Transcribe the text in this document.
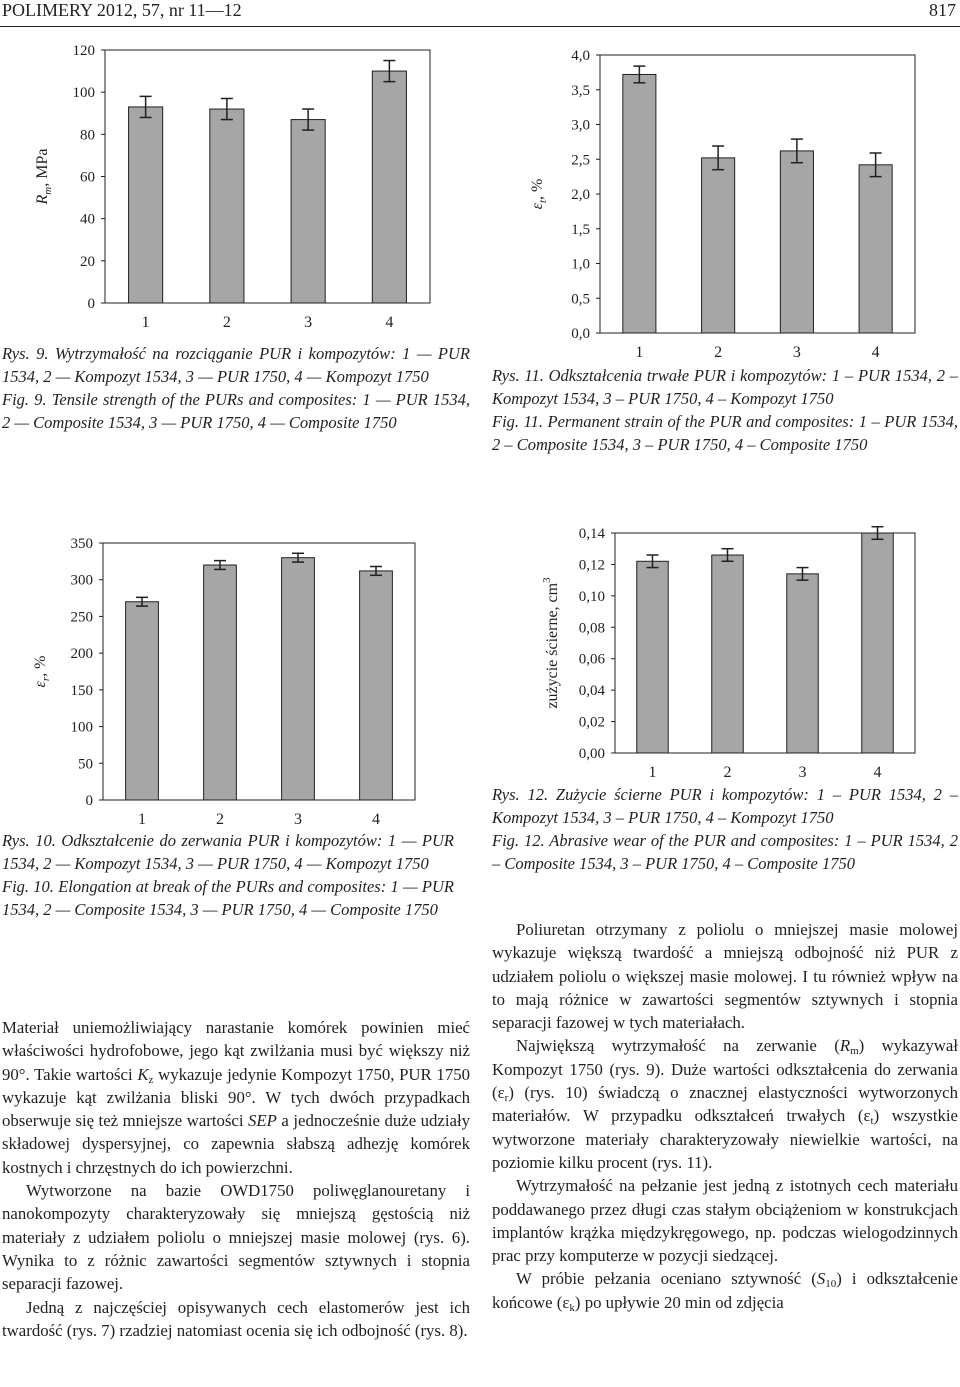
POLIMERY 2012, 57, nr 11—12	817
0
20
40
60
80
100
120
1	2	3	4
$R_m$, MPa
0,0
0,5
1,0
1,5
2,0
2,5
3,0
3,5
4,0
1	2	3	4
$\varepsilon_t$, %
0
50
100
150
200
250
300
350
1	2	3	4
$\varepsilon_r$, %
0,00
0,02
0,04
0,06
0,08
0,10
0,12
0,14
1	2	3	4
zużycie ścierne, $cm^3$

Rys. 9. Wytrzymałość na rozciąganie PUR i kompozytów: 1 — PUR 1534, 2 — Kompozyt 1534, 3 — PUR 1750, 4 — Kompozyt 1750

Fig. 9. Tensile strength of the PURs and composites: 1 — PUR 1534, 2 — Composite 1534, 3 — PUR 1750, 4 — Composite 1750

Rys. 11. Odkształcenia trwałe PUR i kompozytów: 1 – PUR 1534, 2 – Kompozyt 1534, 3 – PUR 1750, 4 – Kompozyt 1750

Fig. 11. Permanent strain of the PUR and composites: 1 – PUR 1534, 2 – Composite 1534, 3 – PUR 1750, 4 – Composite 1750

Rys. 10. Odkształcenie do zerwania PUR i kompozytów: 1 — PUR 1534, 2 — Kompozyt 1534, 3 — PUR 1750, 4 — Kompozyt 1750

Fig. 10. Elongation at break of the PURs and composites: 1 — PUR 1534, 2 — Composite 1534, 3 — PUR 1750, 4 — Composite 1750

Rys. 12. Zużycie ścierne PUR i kompozytów: 1 – PUR 1534, 2 – Kompozyt 1534, 3 – PUR 1750, 4 – Kompozyt 1750

Fig. 12. Abrasive wear of the PUR and composites: 1 – PUR 1534, 2 – Composite 1534, 3 – PUR 1750, 4 – Composite 1750

Materiał uniemożliwiający narastanie komórek powinien mieć właściwości hydrofobowe, jego kąt zwilżania musi być większy niż 90°. Takie wartości $K_z$ wykazuje jedynie Kompozyt 1750, PUR 1750 wykazuje kąt zwilżania bliski 90°. W tych dwóch przypadkach obserwuje się też mniejsze wartości SEP a jednocześnie duże udziały składowej dyspersyjnej, co zapewnia słabszą adhezję komórek kostnych i chrzęstnych do ich powierzchni.

Wytworzone na bazie OWD1750 poliwęglanouretany i nanokompozyty charakteryzowały się mniejszą gęstością niż materiały z udziałem poliolu o mniejszej masie molowej (rys. 6). Wynika to z różnic zawartości segmentów sztywnych i stopnia separacji fazowej.

Jedną z najczęściej opisywanych cech elastomerów jest ich twardość (rys. 7) rzadziej natomiast ocenia się ich odbojność (rys. 8).

Poliuretan otrzymany z poliolu o mniejszej masie molowej wykazuje większą twardość a mniejszą odbojność niż PUR z udziałem poliolu o większej masie molowej. I tu również wpływ na to mają różnice w zawartości segmentów sztywnych i stopnia separacji fazowej w tych materiałach.

Największą wytrzymałość na zerwanie $(R_m)$ wykazywał Kompozyt 1750 (rys. 9). Duże wartości odkształcenia do zerwania $(\varepsilon_r)$ (rys. 10) świadczą o znacznej elastyczności wytworzonych materiałów. W przypadku odkształceń trwałych $(\varepsilon_t)$ wszystkie wytworzone materiały charakteryzowały niewielkie wartości, na poziomie kilku procent (rys. 11).

Wytrzymałość na pełzanie jest jedną z istotnych cech materiału poddawanego przez długi czas stałym obciążeniom w konstrukcjach implantów krążka międzykręgowego, np. podczas wielogodzinnych prac przy komputerze w pozycji siedzącej.

W próbie pełzania oceniano sztywność $(S_{10})$ i odkształcenie końcowe $(\varepsilon_k)$ po upływie 20 min od zdjęcia
